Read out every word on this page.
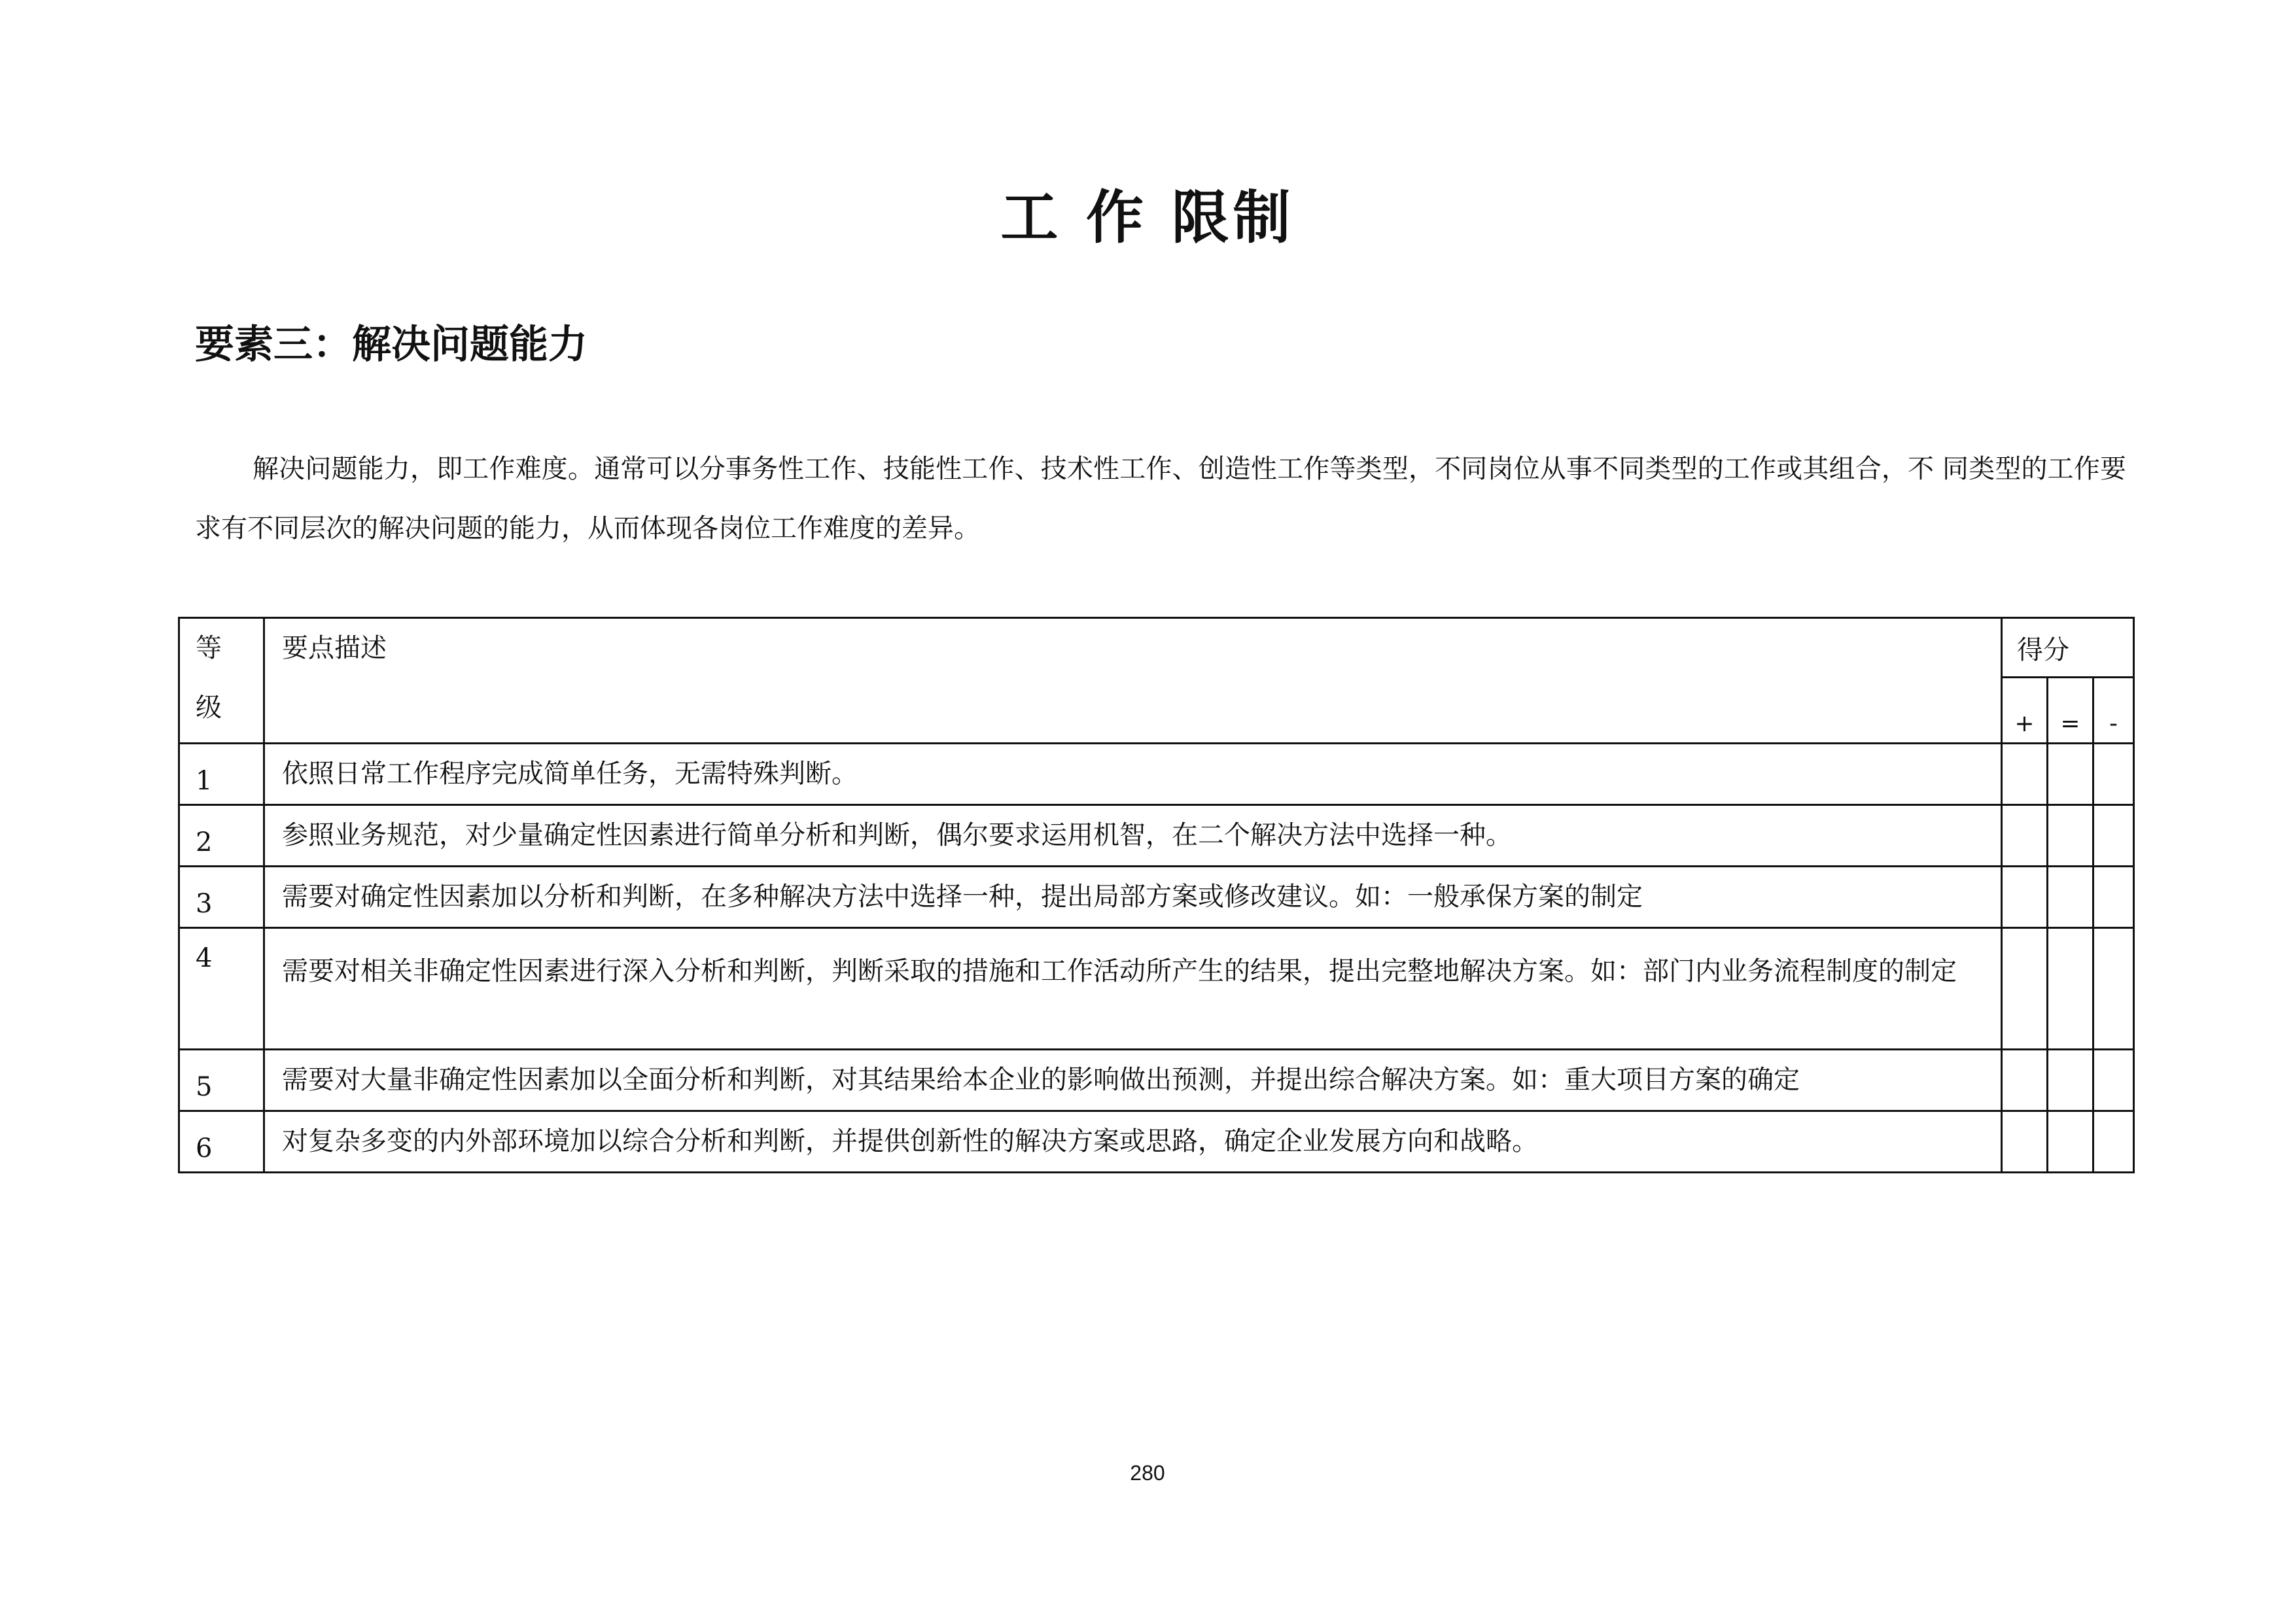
工 作 限制
要素三：解决问题能力

解决问题能力，即工作难度。通常可以分事务性工作、技能性工作、技术性工作、创造性工作等类型，不同岗位从事不同类型的工作或其组合，不 同类型的工作要求有不同层次的解决问题的能力，从而体现各岗位工作难度的差异。

等
级	要点描述	得分		
		+	=	-
1	依照日常工作程序完成简单任务，无需特殊判断。			
2	参照业务规范，对少量确定性因素进行简单分析和判断，偶尔要求运用机智，在二个解决方法中选择一种。			
3	需要对确定性因素加以分析和判断，在多种解决方法中选择一种，提出局部方案或修改建议。如：一般承保方案的制定			
4	需要对相关非确定性因素进行深入分析和判断，判断采取的措施和工作活动所产生的结果，提出完整地解决方案。如：部门内业务流程制度的制定			
5	需要对大量非确定性因素加以全面分析和判断，对其结果给本企业的影响做出预测，并提出综合解决方案。如：重大项目方案的确定			
6	对复杂多变的内外部环境加以综合分析和判断，并提供创新性的解决方案或思路，确定企业发展方向和战略。			
280
